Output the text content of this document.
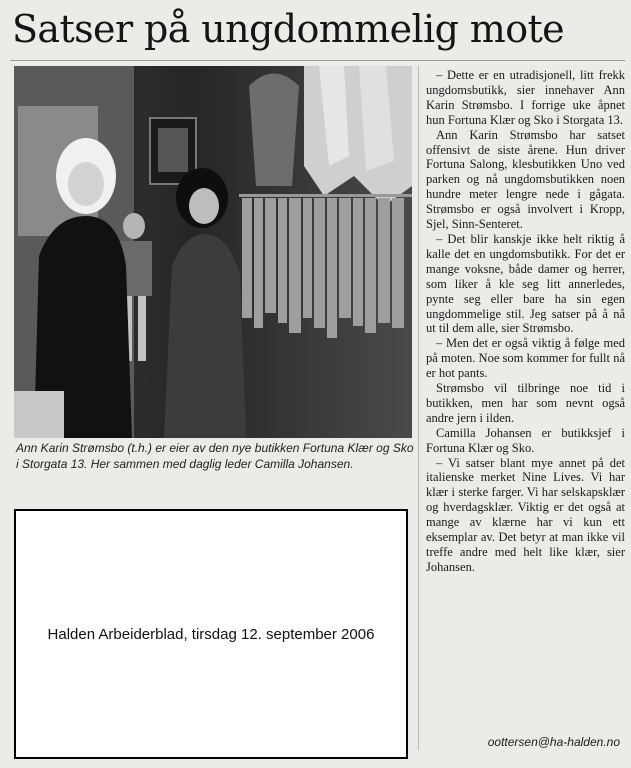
Satser på ungdommelig mote

Ann Karin Strømsbo (t.h.) er eier av den nye butikken Fortuna Klær og Sko i Storgata 13. Her sammen med daglig leder Camilla Johansen.

– Dette er en utradisjonell, litt frekk ungdomsbutikk, sier innehaver Ann Karin Strømsbo. I forrige uke åpnet hun Fortuna Klær og Sko i Storgata 13.

Ann Karin Strømsbo har satset offensivt de siste årene. Hun driver Fortuna Salong, klesbutikken Uno ved parken og nå ungdomsbutikken noen hundre meter lengre nede i gågata. Strømsbo er også involvert i Kropp, Sjel, Sinn-Senteret.

– Det blir kanskje ikke helt riktig å kalle det en ungdomsbutikk. For det er mange voksne, både damer og herrer, som liker å kle seg litt annerledes, pynte seg eller bare ha sin egen ungdommelige stil. Jeg satser på å nå ut til dem alle, sier Strømsbo.

– Men det er også viktig å følge med på moten. Noe som kommer for fullt nå er hot pants.

Strømsbo vil tilbringe noe tid i butikken, men har som nevnt også andre jern i ilden.

Camilla Johansen er butikksjef i Fortuna Klær og Sko.

– Vi satser blant mye annet på det italienske merket Nine Lives. Vi har klær i sterke farger. Vi har selskapsklær og hverdagsklær. Viktig er det også at mange av klærne har vi kun ett eksemplar av. Det betyr at man ikke vil treffe andre med helt like klær, sier Johansen.

oottersen@ha-halden.no

Halden Arbeiderblad, tirsdag 12. september 2006
